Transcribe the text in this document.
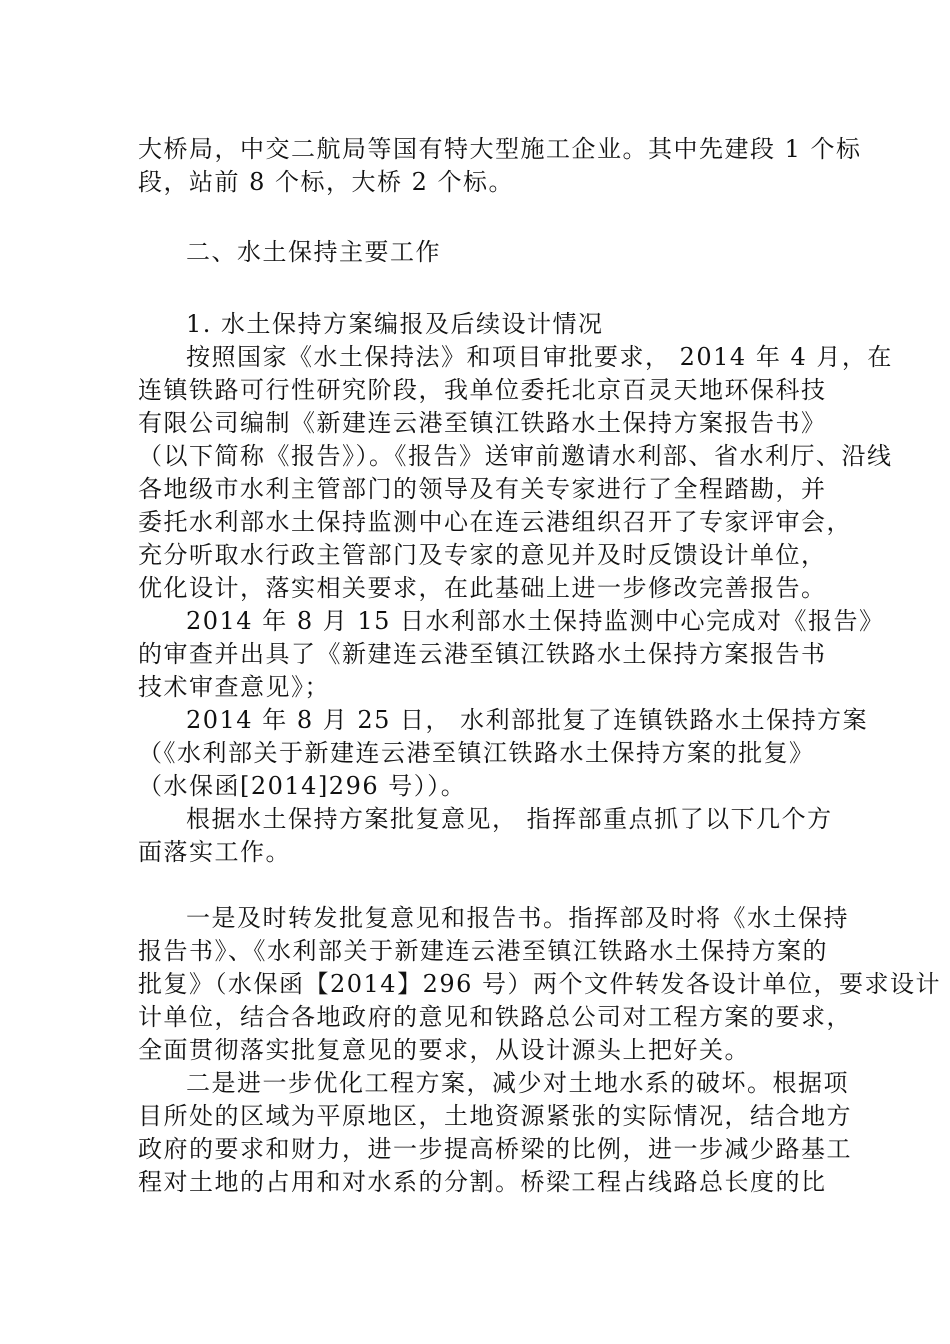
大桥局，中交二航局等国有特大型施工企业。其中先建段 1 个标
段，站前 8 个标，大桥 2 个标。
二、水土保持主要工作
1. 水土保持方案编报及后续设计情况
按照国家《水土保持法》和项目审批要求， 2014 年 4 月，在
连镇铁路可行性研究阶段，我单位委托北京百灵天地环保科技
有限公司编制《新建连云港至镇江铁路水土保持方案报告书》
（以下简称《报告》）。《报告》送审前邀请水利部、省水利厅、沿线
各地级市水利主管部门的领导及有关专家进行了全程踏勘，并
委托水利部水土保持监测中心在连云港组织召开了专家评审会，
充分听取水行政主管部门及专家的意见并及时反馈设计单位，
优化设计，落实相关要求，在此基础上进一步修改完善报告。
2014 年 8 月 15 日水利部水土保持监测中心完成对《报告》
的审查并出具了《新建连云港至镇江铁路水土保持方案报告书
技术审查意见》；
2014 年 8 月 25 日， 水利部批复了连镇铁路水土保持方案
（《水利部关于新建连云港至镇江铁路水土保持方案的批复》
（水保函[2014]296 号））。
根据水土保持方案批复意见， 指挥部重点抓了以下几个方
面落实工作。
一是及时转发批复意见和报告书。指挥部及时将《水土保持
报告书》、《水利部关于新建连云港至镇江铁路水土保持方案的
批复》（水保函【2014】296 号）两个文件转发各设计单位，要求设计
计单位，结合各地政府的意见和铁路总公司对工程方案的要求，
全面贯彻落实批复意见的要求，从设计源头上把好关。
二是进一步优化工程方案，减少对土地水系的破坏。根据项
目所处的区域为平原地区，土地资源紧张的实际情况，结合地方
政府的要求和财力，进一步提高桥梁的比例，进一步减少路基工
程对土地的占用和对水系的分割。桥梁工程占线路总长度的比
